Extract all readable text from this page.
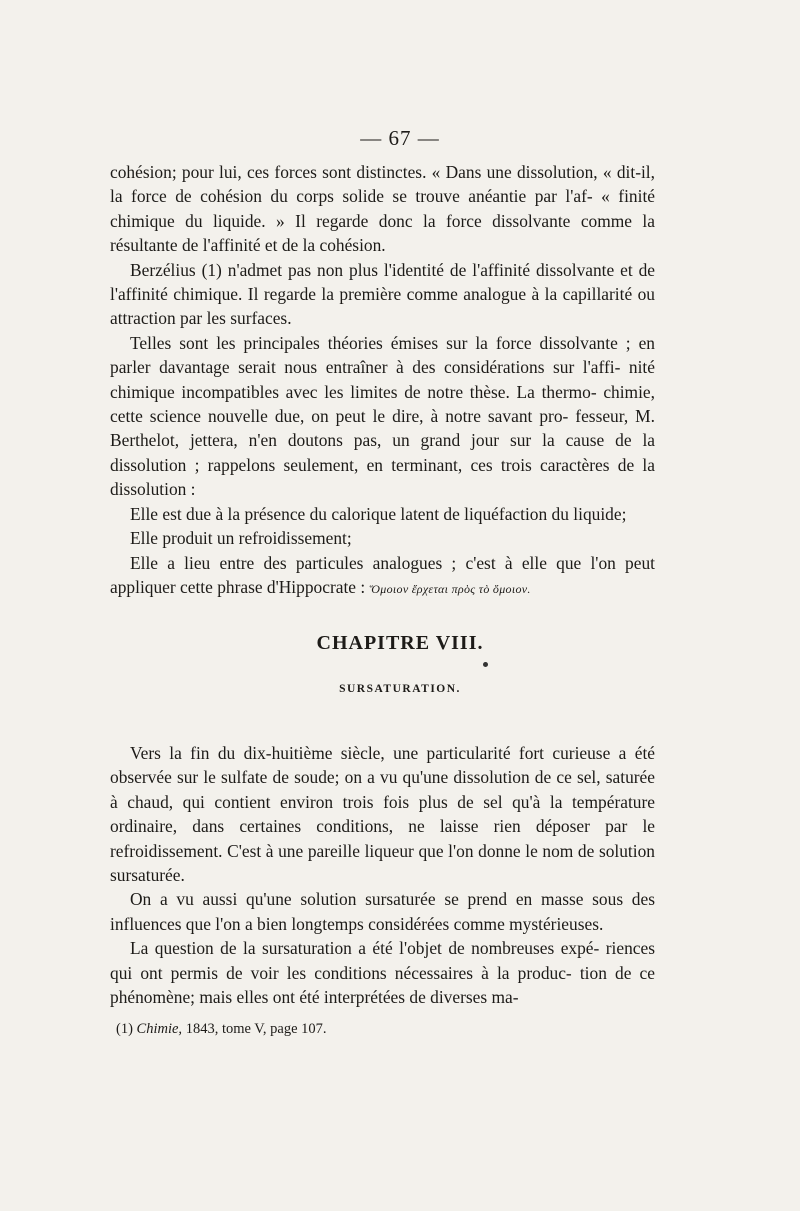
— 67 —

cohésion; pour lui, ces forces sont distinctes. « Dans une dissolution, « dit-il, la force de cohésion du corps solide se trouve anéantie par l'af- « finité chimique du liquide. » Il regarde donc la force dissolvante comme la résultante de l'affinité et de la cohésion.

Berzélius (1) n'admet pas non plus l'identité de l'affinité dissolvante et de l'affinité chimique. Il regarde la première comme analogue à la capillarité ou attraction par les surfaces.

Telles sont les principales théories émises sur la force dissolvante ; en parler davantage serait nous entraîner à des considérations sur l'affi- nité chimique incompatibles avec les limites de notre thèse. La thermo- chimie, cette science nouvelle due, on peut le dire, à notre savant pro- fesseur, M. Berthelot, jettera, n'en doutons pas, un grand jour sur la cause de la dissolution ; rappelons seulement, en terminant, ces trois caractères de la dissolution :

Elle est due à la présence du calorique latent de liquéfaction du liquide;

Elle produit un refroidissement;

Elle a lieu entre des particules analogues ; c'est à elle que l'on peut appliquer cette phrase d'Hippocrate : Ὅμοιον ἔρχεται πρὸς τὸ ὅμοιον.

CHAPITRE VIII.
SURSATURATION.

Vers la fin du dix-huitième siècle, une particularité fort curieuse a été observée sur le sulfate de soude; on a vu qu'une dissolution de ce sel, saturée à chaud, qui contient environ trois fois plus de sel qu'à la température ordinaire, dans certaines conditions, ne laisse rien déposer par le refroidissement. C'est à une pareille liqueur que l'on donne le nom de solution sursaturée.

On a vu aussi qu'une solution sursaturée se prend en masse sous des influences que l'on a bien longtemps considérées comme mystérieuses.

La question de la sursaturation a été l'objet de nombreuses expé- riences qui ont permis de voir les conditions nécessaires à la produc- tion de ce phénomène; mais elles ont été interprétées de diverses ma-

(1) Chimie, 1843, tome V, page 107.
